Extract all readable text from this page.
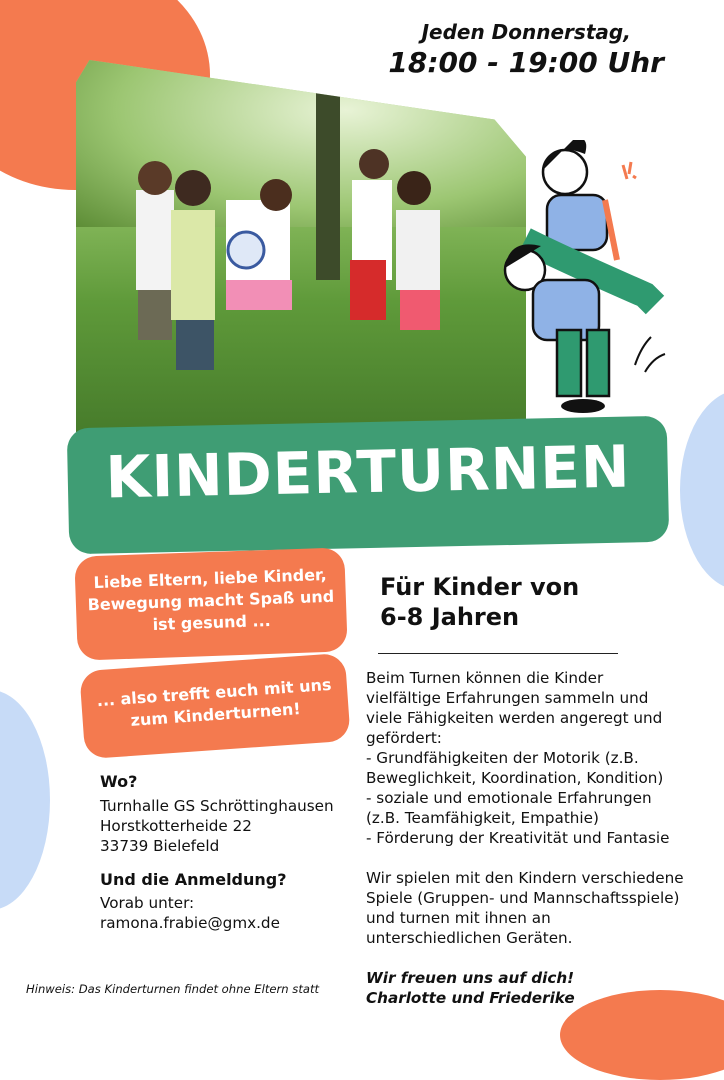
Jeden Donnerstag,
18:00 - 19:00 Uhr
KINDERTURNEN
Liebe Eltern, liebe Kinder, Bewegung macht Spaß und ist gesund ...
... also trefft euch mit uns zum Kinderturnen!
Für Kinder von
6-8 Jahren
Beim Turnen können die Kinder
vielfältige Erfahrungen sammeln und
viele Fähigkeiten werden angeregt und
gefördert:
- Grundfähigkeiten der Motorik (z.B.
Beweglichkeit, Koordination, Kondition)
- soziale und emotionale Erfahrungen
(z.B. Teamfähigkeit, Empathie)
- Förderung der Kreativität und Fantasie

Wir spielen mit den Kindern verschiedene
Spiele (Gruppen- und Mannschaftsspiele)
und turnen mit ihnen an
unterschiedlichen Geräten.
Wo?
Turnhalle GS Schröttinghausen
Horstkotterheide 22
33739 Bielefeld
Und die Anmeldung?
Vorab unter:
ramona.frabie@gmx.de
Hinweis: Das Kinderturnen findet ohne Eltern statt
Wir freuen uns auf dich!
Charlotte und Friederike
